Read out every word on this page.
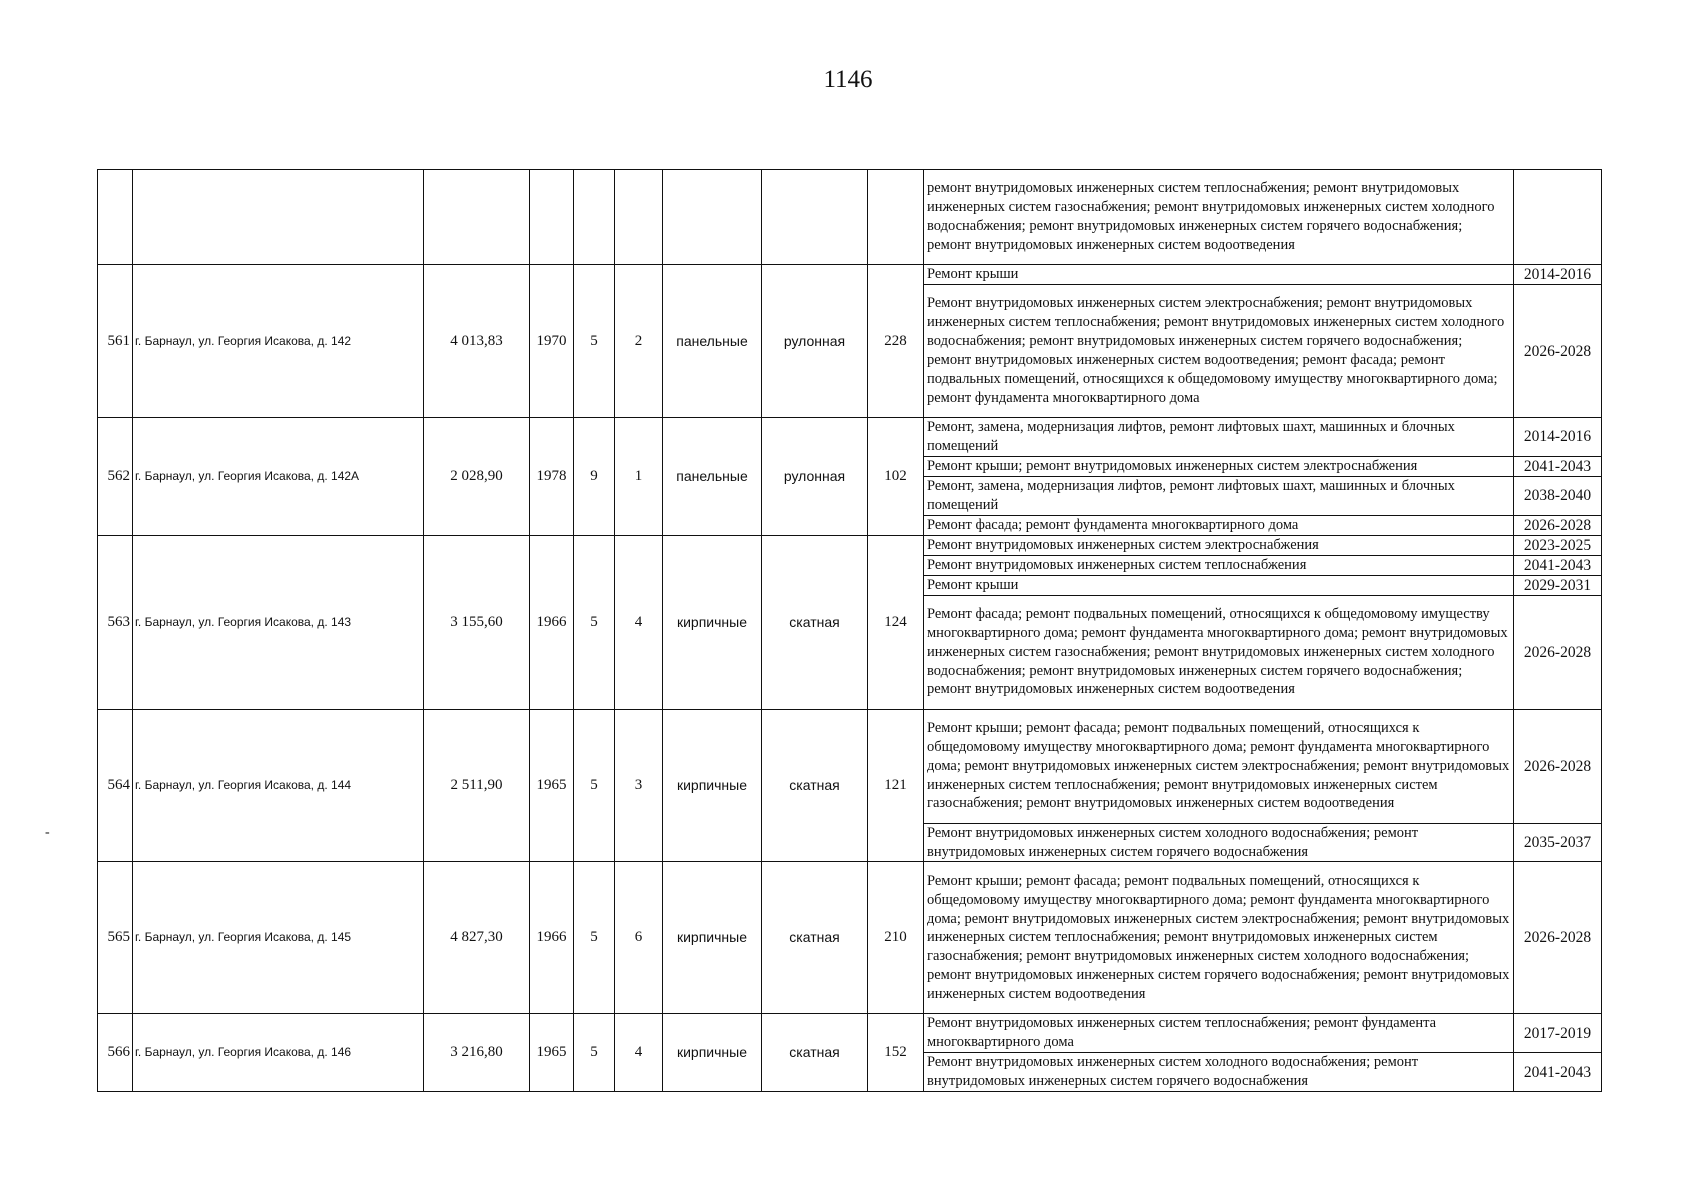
1146
-
									ремонт внутридомовых инженерных систем теплоснабжения; ремонт внутридомовых инженерных систем газоснабжения; ремонт внутридомовых инженерных систем холодного водоснабжения; ремонт внутридомовых инженерных систем горячего водоснабжения; ремонт внутридомовых инженерных систем водоотведения	
561	г. Барнаул, ул. Георгия Исакова, д. 142	4 013,83	1970	5	2	панельные	рулонная	228	Ремонт крыши	2014-2016
									Ремонт внутридомовых инженерных систем электроснабжения; ремонт внутридомовых инженерных систем теплоснабжения; ремонт внутридомовых инженерных систем холодного водоснабжения; ремонт внутридомовых инженерных систем горячего водоснабжения; ремонт внутридомовых инженерных систем водоотведения; ремонт фасада; ремонт подвальных помещений, относящихся к общедомовому имуществу многоквартирного дома; ремонт фундамента многоквартирного дома	2026-2028
562	г. Барнаул, ул. Георгия Исакова, д. 142А	2 028,90	1978	9	1	панельные	рулонная	102	Ремонт, замена, модернизация лифтов, ремонт лифтовых шахт, машинных и блочных помещений	2014-2016
									Ремонт крыши; ремонт внутридомовых инженерных систем электроснабжения	2041-2043
									Ремонт, замена, модернизация лифтов, ремонт лифтовых шахт, машинных и блочных помещений	2038-2040
									Ремонт фасада; ремонт фундамента многоквартирного дома	2026-2028
563	г. Барнаул, ул. Георгия Исакова, д. 143	3 155,60	1966	5	4	кирпичные	скатная	124	Ремонт внутридомовых инженерных систем электроснабжения	2023-2025
									Ремонт внутридомовых инженерных систем теплоснабжения	2041-2043
									Ремонт крыши	2029-2031
									Ремонт фасада; ремонт подвальных помещений, относящихся к общедомовому имуществу многоквартирного дома; ремонт фундамента многоквартирного дома; ремонт внутридомовых инженерных систем газоснабжения; ремонт внутридомовых инженерных систем холодного водоснабжения; ремонт внутридомовых инженерных систем горячего водоснабжения; ремонт внутридомовых инженерных систем водоотведения	2026-2028
564	г. Барнаул, ул. Георгия Исакова, д. 144	2 511,90	1965	5	3	кирпичные	скатная	121	Ремонт крыши; ремонт фасада; ремонт подвальных помещений, относящихся к общедомовому имуществу многоквартирного дома; ремонт фундамента многоквартирного дома; ремонт внутридомовых инженерных систем электроснабжения; ремонт внутридомовых инженерных систем теплоснабжения; ремонт внутридомовых инженерных систем газоснабжения; ремонт внутридомовых инженерных систем водоотведения	2026-2028
									Ремонт внутридомовых инженерных систем холодного водоснабжения; ремонт внутридомовых инженерных систем горячего водоснабжения	2035-2037
565	г. Барнаул, ул. Георгия Исакова, д. 145	4 827,30	1966	5	6	кирпичные	скатная	210	Ремонт крыши; ремонт фасада; ремонт подвальных помещений, относящихся к общедомовому имуществу многоквартирного дома; ремонт фундамента многоквартирного дома; ремонт внутридомовых инженерных систем электроснабжения; ремонт внутридомовых инженерных систем теплоснабжения; ремонт внутридомовых инженерных систем газоснабжения; ремонт внутридомовых инженерных систем холодного водоснабжения; ремонт внутридомовых инженерных систем горячего водоснабжения; ремонт внутридомовых инженерных систем водоотведения	2026-2028
566	г. Барнаул, ул. Георгия Исакова, д. 146	3 216,80	1965	5	4	кирпичные	скатная	152	Ремонт внутридомовых инженерных систем теплоснабжения; ремонт фундамента многоквартирного дома	2017-2019
									Ремонт внутридомовых инженерных систем холодного водоснабжения; ремонт внутридомовых инженерных систем горячего водоснабжения	2041-2043
